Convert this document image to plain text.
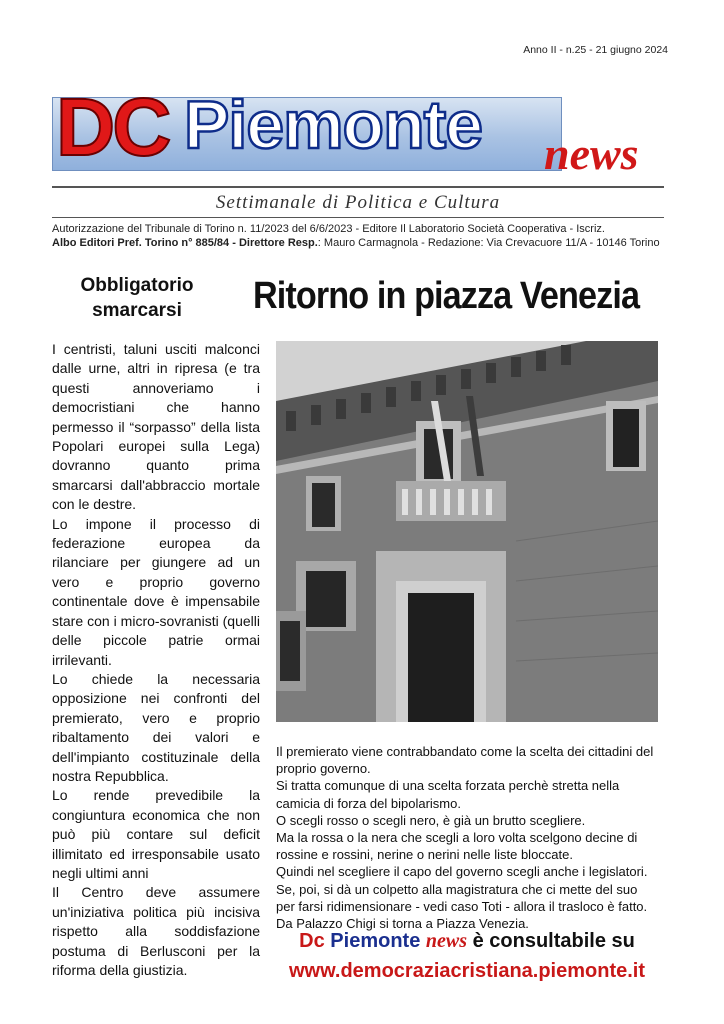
Anno II - n.25 - 21 giugno 2024
DC Piemonte news
Settimanale di Politica e Cultura
Autorizzazione del Tribunale di Torino n. 11/2023 del 6/6/2023 - Editore Il Laboratorio Società Cooperativa - Iscriz.
Albo Editori Pref. Torino n° 885/84 - Direttore Resp.: Mauro Carmagnola - Redazione: Via Crevacuore 11/A - 10146 Torino
Obbligatorio
smarcarsi

I centristi, taluni usciti malconci dalle urne, altri in ripresa (e tra questi annoveriamo i democristiani che hanno permesso il “sorpasso” della lista Popolari europei sulla Lega) dovranno quanto prima smarcarsi dall'abbraccio mortale con le destre.

Lo impone il processo di federazione europea da rilanciare per giungere ad un vero e proprio governo continentale dove è impensabile stare con i micro-sovranisti (quelli delle piccole patrie ormai irrilevanti.

Lo chiede la necessaria opposizione nei confronti del premierato, vero e proprio ribaltamento dei valori e dell'impianto costituzinale della nostra Repubblica.

Lo rende prevedibile la congiuntura economica che non può più contare sul deficit illimitato ed irresponsabile usato negli ultimi anni

Il Centro deve assumere un'iniziativa politica più incisiva rispetto alla soddisfazione postuma di Berlusconi per la riforma della giustizia.

Ritorno in piazza Venezia

Il premierato viene contrabbandato come la scelta dei cittadini del proprio governo.

Si tratta comunque di una scelta forzata perchè stretta nella camicia di forza del bipolarismo.

O scegli rosso o scegli nero, è già un brutto scegliere.

Ma la rossa o la nera che scegli a loro volta scelgono decine di rossine e rossini, nerine o nerini nelle liste bloccate.

Quindi nel scegliere il capo del governo scegli anche i legislatori.

Se, poi, si dà un colpetto alla magistratura che ci mette del suo per farsi ridimensionare - vedi caso Toti - allora il trasloco è fatto.

Da Palazzo Chigi si torna a Piazza Venezia.

Dc Piemonte news è consultabile su
www.democraziacristiana.piemonte.it
